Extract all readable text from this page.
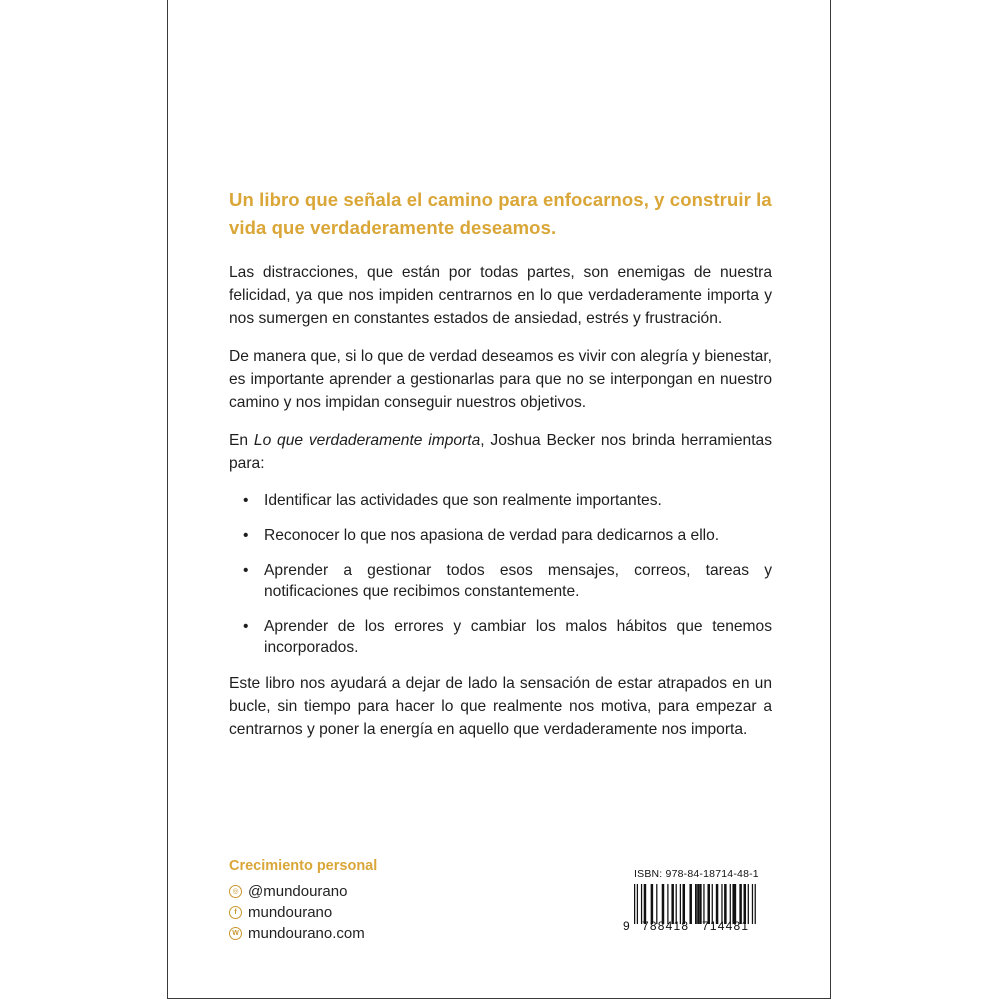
Un libro que señala el camino para enfocarnos, y construir la vida que verdaderamente deseamos.

Las distracciones, que están por todas partes, son enemigas de nuestra felicidad, ya que nos impiden centrarnos en lo que verdaderamente importa y nos sumergen en constantes estados de ansiedad, estrés y frustración.

De manera que, si lo que de verdad deseamos es vivir con alegría y bienestar, es importante aprender a gestionarlas para que no se interpongan en nuestro camino y nos impidan conseguir nuestros objetivos.

En Lo que verdaderamente importa, Joshua Becker nos brinda herramientas para:

• Identificar las actividades que son realmente importantes.
• Reconocer lo que nos apasiona de verdad para dedicarnos a ello.
• Aprender a gestionar todos esos mensajes, correos, tareas y notificaciones que recibimos constantemente.
• Aprender de los errores y cambiar los malos hábitos que tenemos incorporados.

Este libro nos ayudará a dejar de lado la sensación de estar atrapados en un bucle, sin tiempo para hacer lo que realmente nos motiva, para empezar a centrarnos y poner la energía en aquello que verdaderamente nos importa.

Crecimiento personal
◎ @mundourano
f mundourano
W mundourano.com
ISBN: 978-84-18714-48-1
9 788418 714481
